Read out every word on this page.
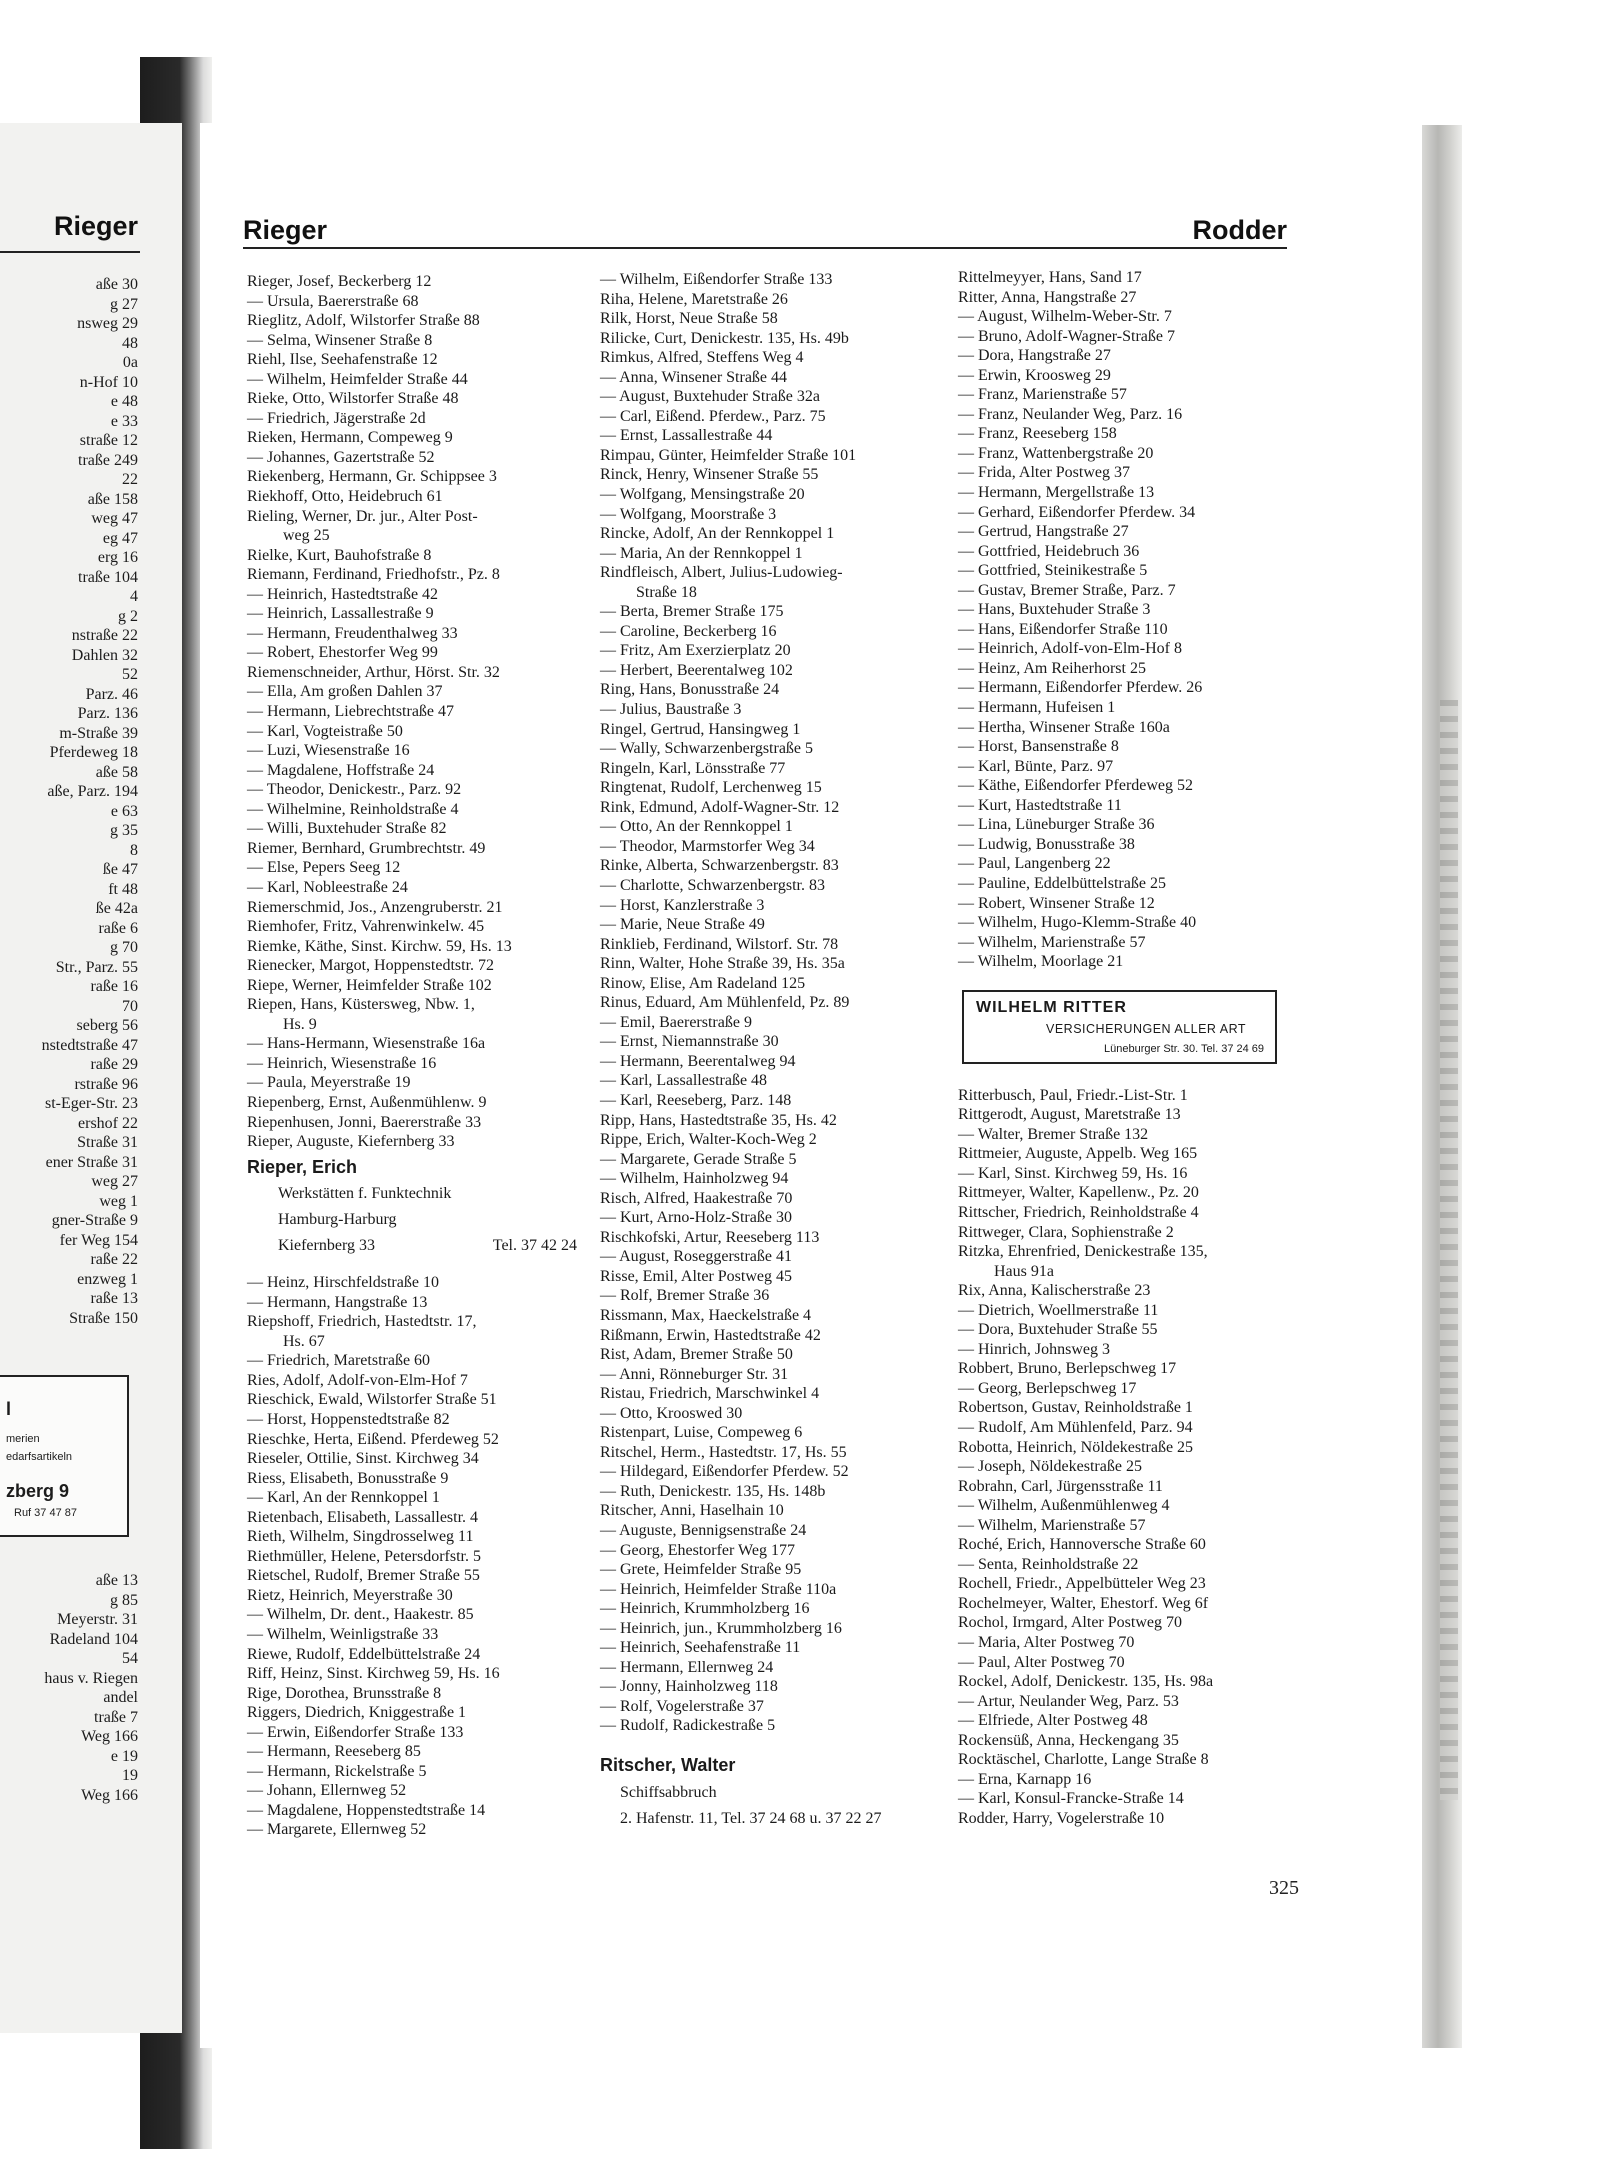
Rieger
aße 30
g 27
nsweg 29
48
0a
n-Hof 10
e 48
e 33
straße 12
traße 249
22
aße 158
weg 47
eg 47
erg 16
traße 104
4
g 2
nstraße 22
Dahlen 32
52
Parz. 46
Parz. 136
m-Straße 39
Pferdeweg 18
aße 58
aße, Parz. 194
e 63
g 35
8
ße 47
ft 48
ße 42a
raße 6
g 70
Str., Parz. 55
raße 16
70
seberg 56
nstedtstraße 47
raße 29
rstraße 96
st-Eger-Str. 23
ershof 22
Straße 31
ener Straße 31
weg 27
weg 1
gner-Straße 9
fer Weg 154
raße 22
enzweg 1
raße 13
Straße 150
l
merien
edarfsartikeln
zberg 9
Ruf 37 47 87
aße 13
g 85
Meyerstr. 31
Radeland 104
54
haus v. Riegen
andel
traße 7
Weg 166
e 19
19
Weg 166
Rieger	Rodder
Rieger, Josef, Beckerberg 12
— Ursula, Baererstraße 68
Rieglitz, Adolf, Wilstorfer Straße 88
— Selma, Winsener Straße 8
Riehl, Ilse, Seehafenstraße 12
— Wilhelm, Heimfelder Straße 44
Rieke, Otto, Wilstorfer Straße 48
— Friedrich, Jägerstraße 2d
Rieken, Hermann, Compeweg 9
— Johannes, Gazertstraße 52
Riekenberg, Hermann, Gr. Schippsee 3
Riekhoff, Otto, Heidebruch 61
Rieling, Werner, Dr. jur., Alter Post-
weg 25
Rielke, Kurt, Bauhofstraße 8
Riemann, Ferdinand, Friedhofstr., Pz. 8
— Heinrich, Hastedtstraße 42
— Heinrich, Lassallestraße 9
— Hermann, Freudenthalweg 33
— Robert, Ehestorfer Weg 99
Riemenschneider, Arthur, Hörst. Str. 32
— Ella, Am großen Dahlen 37
— Hermann, Liebrechtstraße 47
— Karl, Vogteistraße 50
— Luzi, Wiesenstraße 16
— Magdalene, Hoffstraße 24
— Theodor, Denickestr., Parz. 92
— Wilhelmine, Reinholdstraße 4
— Willi, Buxtehuder Straße 82
Riemer, Bernhard, Grumbrechtstr. 49
— Else, Pepers Seeg 12
— Karl, Nobleestraße 24
Riemerschmid, Jos., Anzengruberstr. 21
Riemhofer, Fritz, Vahrenwinkelw. 45
Riemke, Käthe, Sinst. Kirchw. 59, Hs. 13
Rienecker, Margot, Hoppenstedtstr. 72
Riepe, Werner, Heimfelder Straße 102
Riepen, Hans, Küstersweg, Nbw. 1,
Hs. 9
— Hans-Hermann, Wiesenstraße 16a
— Heinrich, Wiesenstraße 16
— Paula, Meyerstraße 19
Riepenberg, Ernst, Außenmühlenw. 9
Riepenhusen, Jonni, Baererstraße 33
Rieper, Auguste, Kiefernberg 33
Rieper, Erich
Werkstätten f. Funktechnik
Hamburg-Harburg
Kiefernberg 33	Tel. 37 42 24
— Heinz, Hirschfeldstraße 10
— Hermann, Hangstraße 13
Riepshoff, Friedrich, Hastedtstr. 17,
Hs. 67
— Friedrich, Maretstraße 60
Ries, Adolf, Adolf-von-Elm-Hof 7
Rieschick, Ewald, Wilstorfer Straße 51
— Horst, Hoppenstedtstraße 82
Rieschke, Herta, Eißend. Pferdeweg 52
Rieseler, Ottilie, Sinst. Kirchweg 34
Riess, Elisabeth, Bonusstraße 9
— Karl, An der Rennkoppel 1
Rietenbach, Elisabeth, Lassallestr. 4
Rieth, Wilhelm, Singdrosselweg 11
Riethmüller, Helene, Petersdorfstr. 5
Rietschel, Rudolf, Bremer Straße 55
Rietz, Heinrich, Meyerstraße 30
— Wilhelm, Dr. dent., Haakestr. 85
— Wilhelm, Weinligstraße 33
Riewe, Rudolf, Eddelbüttelstraße 24
Riff, Heinz, Sinst. Kirchweg 59, Hs. 16
Rige, Dorothea, Brunsstraße 8
Riggers, Diedrich, Kniggestraße 1
— Erwin, Eißendorfer Straße 133
— Hermann, Reeseberg 85
— Hermann, Rickelstraße 5
— Johann, Ellernweg 52
— Magdalene, Hoppenstedtstraße 14
— Margarete, Ellernweg 52
— Wilhelm, Eißendorfer Straße 133
Riha, Helene, Maretstraße 26
Rilk, Horst, Neue Straße 58
Rilicke, Curt, Denickestr. 135, Hs. 49b
Rimkus, Alfred, Steffens Weg 4
— Anna, Winsener Straße 44
— August, Buxtehuder Straße 32a
— Carl, Eißend. Pferdew., Parz. 75
— Ernst, Lassallestraße 44
Rimpau, Günter, Heimfelder Straße 101
Rinck, Henry, Winsener Straße 55
— Wolfgang, Mensingstraße 20
— Wolfgang, Moorstraße 3
Rincke, Adolf, An der Rennkoppel 1
— Maria, An der Rennkoppel 1
Rindfleisch, Albert, Julius-Ludowieg-
Straße 18
— Berta, Bremer Straße 175
— Caroline, Beckerberg 16
— Fritz, Am Exerzierplatz 20
— Herbert, Beerentalweg 102
Ring, Hans, Bonusstraße 24
— Julius, Baustraße 3
Ringel, Gertrud, Hansingweg 1
— Wally, Schwarzenbergstraße 5
Ringeln, Karl, Lönsstraße 77
Ringtenat, Rudolf, Lerchenweg 15
Rink, Edmund, Adolf-Wagner-Str. 12
— Otto, An der Rennkoppel 1
— Theodor, Marmstorfer Weg 34
Rinke, Alberta, Schwarzenbergstr. 83
— Charlotte, Schwarzenbergstr. 83
— Horst, Kanzlerstraße 3
— Marie, Neue Straße 49
Rinklieb, Ferdinand, Wilstorf. Str. 78
Rinn, Walter, Hohe Straße 39, Hs. 35a
Rinow, Elise, Am Radeland 125
Rinus, Eduard, Am Mühlenfeld, Pz. 89
— Emil, Baererstraße 9
— Ernst, Niemannstraße 30
— Hermann, Beerentalweg 94
— Karl, Lassallestraße 48
— Karl, Reeseberg, Parz. 148
Ripp, Hans, Hastedtstraße 35, Hs. 42
Rippe, Erich, Walter-Koch-Weg 2
— Margarete, Gerade Straße 5
— Wilhelm, Hainholzweg 94
Risch, Alfred, Haakestraße 70
— Kurt, Arno-Holz-Straße 30
Rischkofski, Artur, Reeseberg 113
— August, Roseggerstraße 41
Risse, Emil, Alter Postweg 45
— Rolf, Bremer Straße 36
Rissmann, Max, Haeckelstraße 4
Rißmann, Erwin, Hastedtstraße 42
Rist, Adam, Bremer Straße 50
— Anni, Rönneburger Str. 31
Ristau, Friedrich, Marschwinkel 4
— Otto, Krooswed 30
Ristenpart, Luise, Compeweg 6
Ritschel, Herm., Hastedtstr. 17, Hs. 55
— Hildegard, Eißendorfer Pferdew. 52
— Ruth, Denickestr. 135, Hs. 148b
Ritscher, Anni, Haselhain 10
— Auguste, Bennigsenstraße 24
— Georg, Ehestorfer Weg 177
— Grete, Heimfelder Straße 95
— Heinrich, Heimfelder Straße 110a
— Heinrich, Krummholzberg 16
— Heinrich, jun., Krummholzberg 16
— Heinrich, Seehafenstraße 11
— Hermann, Ellernweg 24
— Jonny, Hainholzweg 118
— Rolf, Vogelerstraße 37
— Rudolf, Radickestraße 5
Ritscher, Walter
Schiffsabbruch
2. Hafenstr. 11, Tel. 37 24 68 u. 37 22 27
Rittelmeyyer, Hans, Sand 17
Ritter, Anna, Hangstraße 27
— August, Wilhelm-Weber-Str. 7
— Bruno, Adolf-Wagner-Straße 7
— Dora, Hangstraße 27
— Erwin, Kroosweg 29
— Franz, Marienstraße 57
— Franz, Neulander Weg, Parz. 16
— Franz, Reeseberg 158
— Franz, Wattenbergstraße 20
— Frida, Alter Postweg 37
— Hermann, Mergellstraße 13
— Gerhard, Eißendorfer Pferdew. 34
— Gertrud, Hangstraße 27
— Gottfried, Heidebruch 36
— Gottfried, Steinikestraße 5
— Gustav, Bremer Straße, Parz. 7
— Hans, Buxtehuder Straße 3
— Hans, Eißendorfer Straße 110
— Heinrich, Adolf-von-Elm-Hof 8
— Heinz, Am Reiherhorst 25
— Hermann, Eißendorfer Pferdew. 26
— Hermann, Hufeisen 1
— Hertha, Winsener Straße 160a
— Horst, Bansenstraße 8
— Karl, Bünte, Parz. 97
— Käthe, Eißendorfer Pferdeweg 52
— Kurt, Hastedtstraße 11
— Lina, Lüneburger Straße 36
— Ludwig, Bonusstraße 38
— Paul, Langenberg 22
— Pauline, Eddelbüttelstraße 25
— Robert, Winsener Straße 12
— Wilhelm, Hugo-Klemm-Straße 40
— Wilhelm, Marienstraße 57
— Wilhelm, Moorlage 21
WILHELM RITTER
VERSICHERUNGEN ALLER ART
Lüneburger Str. 30. Tel. 37 24 69
Ritterbusch, Paul, Friedr.-List-Str. 1
Rittgerodt, August, Maretstraße 13
— Walter, Bremer Straße 132
Rittmeier, Auguste, Appelb. Weg 165
— Karl, Sinst. Kirchweg 59, Hs. 16
Rittmeyer, Walter, Kapellenw., Pz. 20
Rittscher, Friedrich, Reinholdstraße 4
Rittweger, Clara, Sophienstraße 2
Ritzka, Ehrenfried, Denickestraße 135,
Haus 91a
Rix, Anna, Kalischerstraße 23
— Dietrich, Woellmerstraße 11
— Dora, Buxtehuder Straße 55
— Hinrich, Johnsweg 3
Robbert, Bruno, Berlepschweg 17
— Georg, Berlepschweg 17
Robertson, Gustav, Reinholdstraße 1
— Rudolf, Am Mühlenfeld, Parz. 94
Robotta, Heinrich, Nöldekestraße 25
— Joseph, Nöldekestraße 25
Robrahn, Carl, Jürgensstraße 11
— Wilhelm, Außenmühlenweg 4
— Wilhelm, Marienstraße 57
Roché, Erich, Hannoversche Straße 60
— Senta, Reinholdstraße 22
Rochell, Friedr., Appelbütteler Weg 23
Rochelmeyer, Walter, Ehestorf. Weg 6f
Rochol, Irmgard, Alter Postweg 70
— Maria, Alter Postweg 70
— Paul, Alter Postweg 70
Rockel, Adolf, Denickestr. 135, Hs. 98a
— Artur, Neulander Weg, Parz. 53
— Elfriede, Alter Postweg 48
Rockensüß, Anna, Heckengang 35
Rocktäschel, Charlotte, Lange Straße 8
— Erna, Karnapp 16
— Karl, Konsul-Francke-Straße 14
Rodder, Harry, Vogelerstraße 10
325
